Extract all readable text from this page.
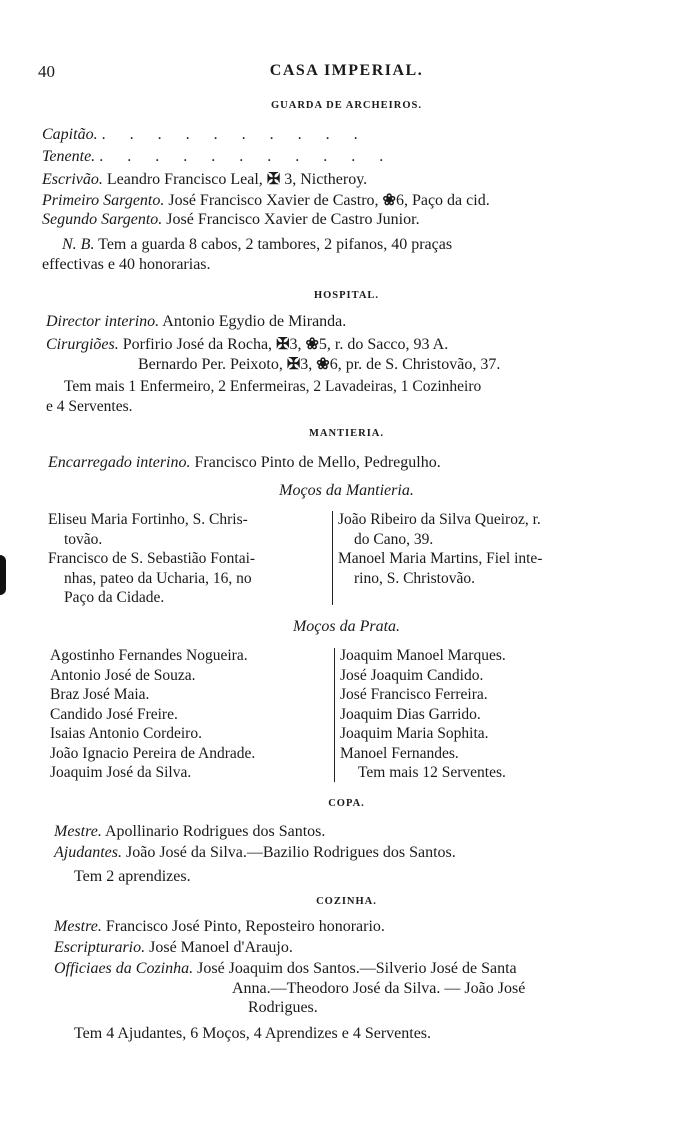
40	CASA IMPERIAL.
GUARDA DE ARCHEIROS.
Capitão. . . . . . . . . . .
Tenente. . . . . . . . . . . .
Escrivão. Leandro Francisco Leal, ✠ 3, Nictheroy.
Primeiro Sargento. José Francisco Xavier de Castro, ❀6, Paço da cid.
Segundo Sargento. José Francisco Xavier de Castro Junior.
N. B. Tem a guarda 8 cabos, 2 tambores, 2 pifanos, 40 praças
effectivas e 40 honorarias.
HOSPITAL.
Director interino. Antonio Egydio de Miranda.
Cirurgiões. Porfirio José da Rocha, ✠3, ❀5, r. do Sacco, 93 A.
Bernardo Per. Peixoto, ✠3, ❀6, pr. de S. Christovão, 37.
Tem mais 1 Enfermeiro, 2 Enfermeiras, 2 Lavadeiras, 1 Cozinheiro
e 4 Serventes.
MANTIERIA.
Encarregado interino. Francisco Pinto de Mello, Pedregulho.
Moços da Mantieria.
Eliseu Maria Fortinho, S. Chris-
tovão.
Francisco de S. Sebastião Fontai-
nhas, pateo da Ucharia, 16, no
Paço da Cidade.
João Ribeiro da Silva Queiroz, r.
do Cano, 39.
Manoel Maria Martins, Fiel inte-
rino, S. Christovão.
Moços da Prata.
Agostinho Fernandes Nogueira.
Antonio José de Souza.
Braz José Maia.
Candido José Freire.
Isaias Antonio Cordeiro.
João Ignacio Pereira de Andrade.
Joaquim José da Silva.
Joaquim Manoel Marques.
José Joaquim Candido.
José Francisco Ferreira.
Joaquim Dias Garrido.
Joaquim Maria Sophita.
Manoel Fernandes.
Tem mais 12 Serventes.
COPA.
Mestre. Apollinario Rodrigues dos Santos.
Ajudantes. João José da Silva.—Bazilio Rodrigues dos Santos.
Tem 2 aprendizes.
COZINHA.
Mestre. Francisco José Pinto, Reposteiro honorario.
Escripturario. José Manoel d'Araujo.
Officiaes da Cozinha. José Joaquim dos Santos.—Silverio José de Santa
Anna.—Theodoro José da Silva. — João José
Rodrigues.
Tem 4 Ajudantes, 6 Moços, 4 Aprendizes e 4 Serventes.
